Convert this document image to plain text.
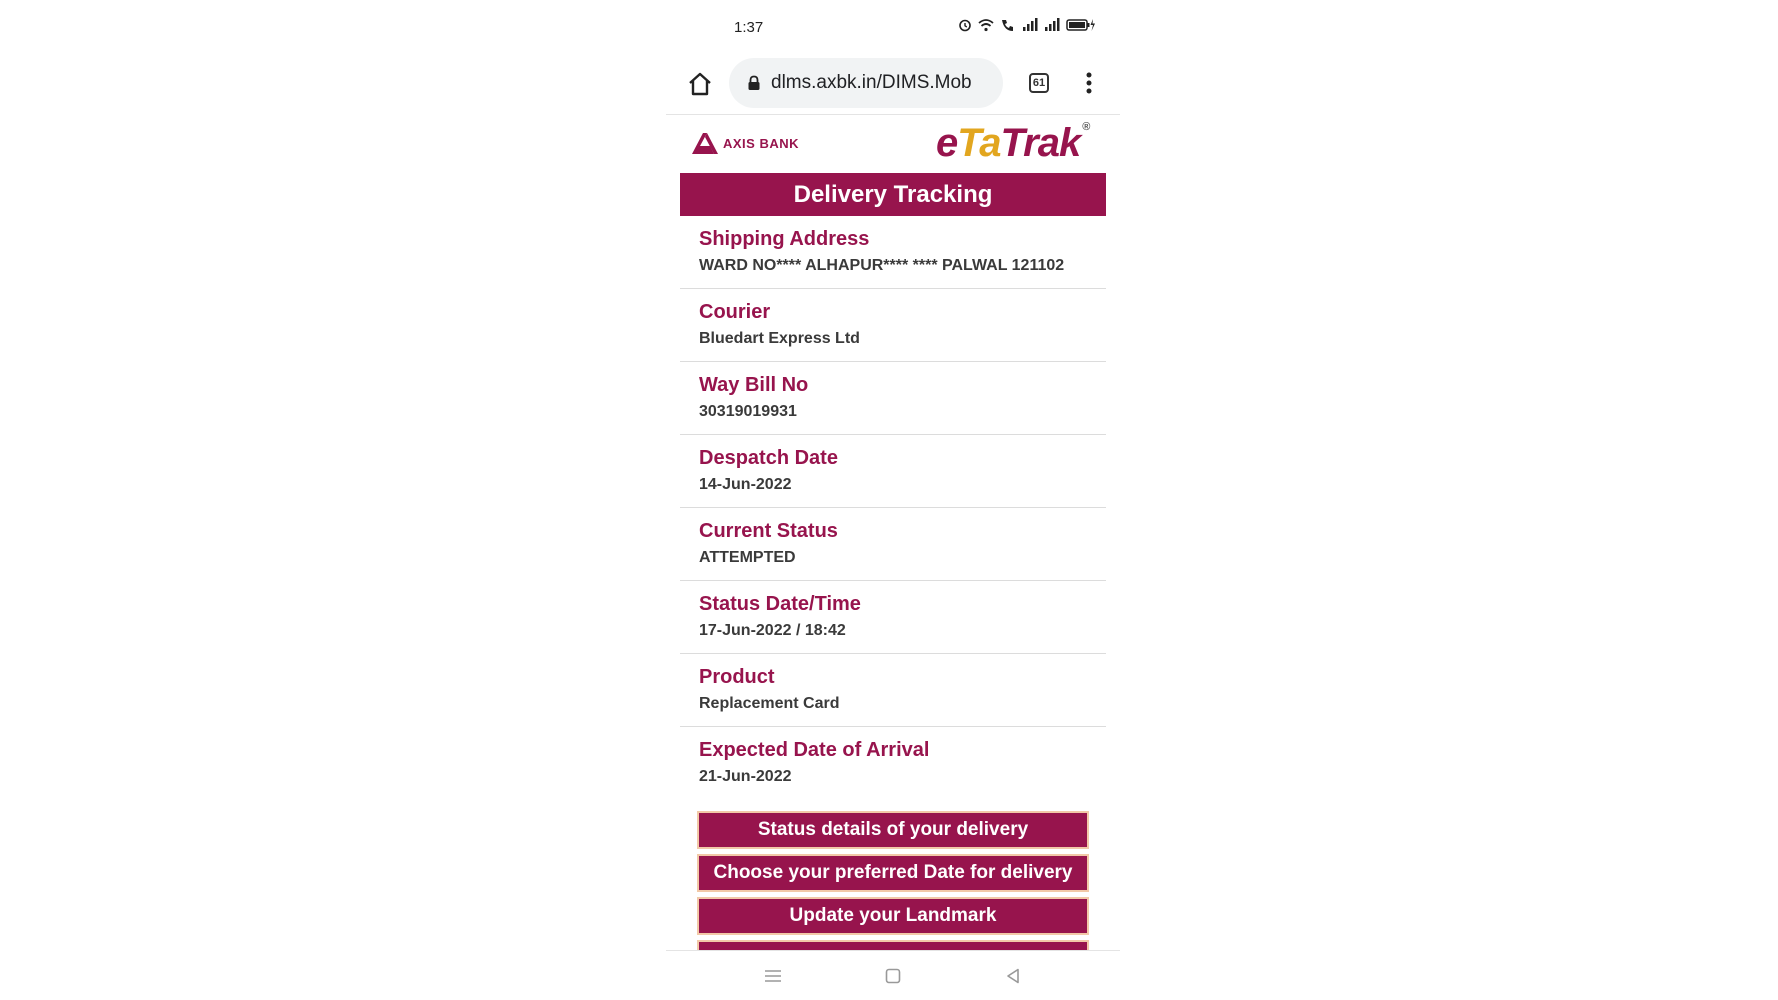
1:37
dlms.axbk.in/DIMS.Mob	61
AXIS BANK	eTaTrak ®
Delivery Tracking
Shipping Address
WARD NO**** ALHAPUR**** **** PALWAL 121102
Courier
Bluedart Express Ltd
Way Bill No
30319019931
Despatch Date
14-Jun-2022
Current Status
ATTEMPTED
Status Date/Time
17-Jun-2022 / 18:42
Product
Replacement Card
Expected Date of Arrival
21-Jun-2022
Status details of your delivery
Choose your preferred Date for delivery
Update your Landmark
